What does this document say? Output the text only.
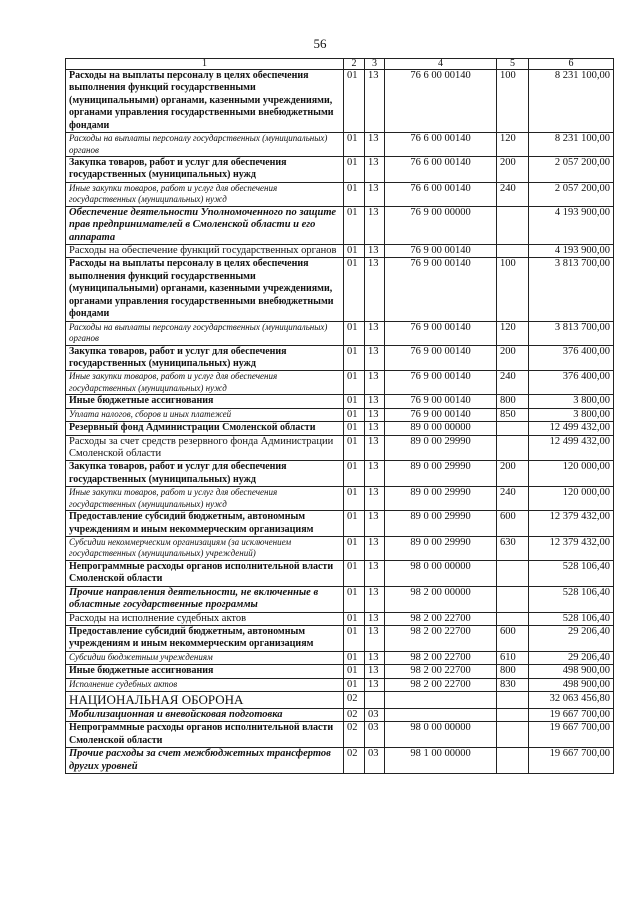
56
1	2	3	4	5	6
Расходы на выплаты персоналу в целях обеспечения выполнения функций государственными (муниципальными) органами, казенными учреждениями, органами управления государственными внебюджетными фондами	01	13	76 6 00 00140	100	8 231 100,00
Расходы на выплаты персоналу государственных (муниципальных) органов	01	13	76 6 00 00140	120	8 231 100,00
Закупка товаров, работ и услуг для обеспечения государственных (муниципальных) нужд	01	13	76 6 00 00140	200	2 057 200,00
Иные закупки товаров, работ и услуг для обеспечения государственных (муниципальных) нужд	01	13	76 6 00 00140	240	2 057 200,00
Обеспечение деятельности Уполномоченного по защите прав предпринимателей в Смоленской области и его аппарата	01	13	76 9 00 00000		4 193 900,00
Расходы на обеспечение функций государственных органов	01	13	76 9 00 00140		4 193 900,00
Расходы на выплаты персоналу в целях обеспечения выполнения функций государственными (муниципальными) органами, казенными учреждениями, органами управления государственными внебюджетными фондами	01	13	76 9 00 00140	100	3 813 700,00
Расходы на выплаты персоналу государственных (муниципальных) органов	01	13	76 9 00 00140	120	3 813 700,00
Закупка товаров, работ и услуг для обеспечения государственных (муниципальных) нужд	01	13	76 9 00 00140	200	376 400,00
Иные закупки товаров, работ и услуг для обеспечения государственных (муниципальных) нужд	01	13	76 9 00 00140	240	376 400,00
Иные бюджетные ассигнования	01	13	76 9 00 00140	800	3 800,00
Уплата налогов, сборов и иных платежей	01	13	76 9 00 00140	850	3 800,00
Резервный фонд Администрации Смоленской области	01	13	89 0 00 00000		12 499 432,00
Расходы за счет средств резервного фонда Администрации Смоленской области	01	13	89 0 00 29990		12 499 432,00
Закупка товаров, работ и услуг для обеспечения государственных (муниципальных) нужд	01	13	89 0 00 29990	200	120 000,00
Иные закупки товаров, работ и услуг для обеспечения государственных (муниципальных) нужд	01	13	89 0 00 29990	240	120 000,00
Предоставление субсидий бюджетным, автономным учреждениям и иным некоммерческим организациям	01	13	89 0 00 29990	600	12 379 432,00
Субсидии некоммерческим организациям (за исключением государственных (муниципальных) учреждений)	01	13	89 0 00 29990	630	12 379 432,00
Непрограммные расходы органов исполнительной власти Смоленской области	01	13	98 0 00 00000		528 106,40
Прочие направления деятельности, не включенные в областные государственные программы	01	13	98 2 00 00000		528 106,40
Расходы на исполнение судебных актов	01	13	98 2 00 22700		528 106,40
Предоставление субсидий бюджетным, автономным учреждениям и иным некоммерческим организациям	01	13	98 2 00 22700	600	29 206,40
Субсидии бюджетным учреждениям	01	13	98 2 00 22700	610	29 206,40
Иные бюджетные ассигнования	01	13	98 2 00 22700	800	498 900,00
Исполнение судебных актов	01	13	98 2 00 22700	830	498 900,00
НАЦИОНАЛЬНАЯ ОБОРОНА	02				32 063 456,80
Мобилизационная и вневойсковая подготовка	02	03			19 667 700,00
Непрограммные расходы органов исполнительной власти Смоленской области	02	03	98 0 00 00000		19 667 700,00
Прочие расходы за счет межбюджетных трансфертов других уровней	02	03	98 1 00 00000		19 667 700,00
